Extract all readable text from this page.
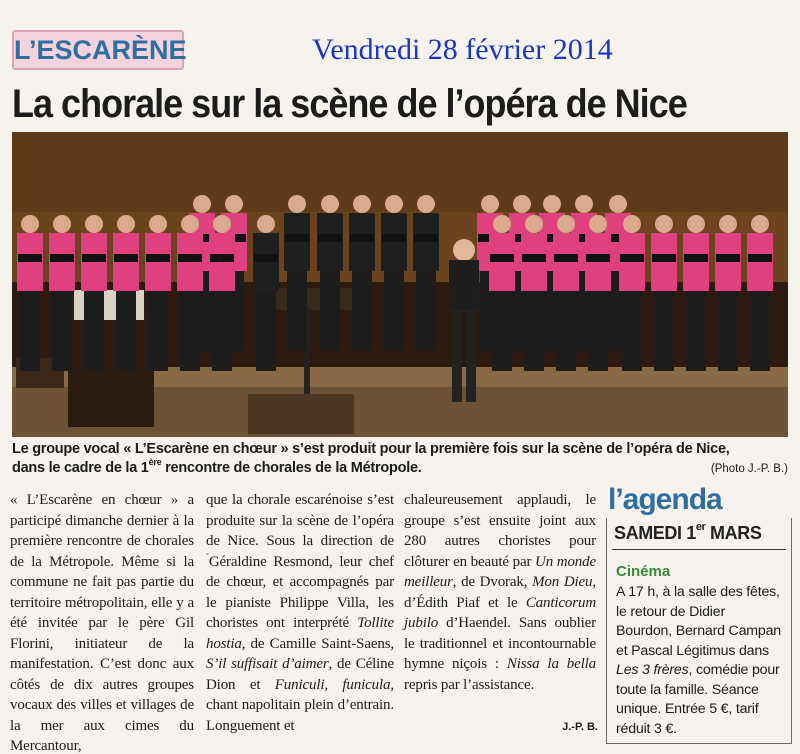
L’ESCARÈNE	Vendredi 28 février 2014
La chorale sur la scène de l’opéra de Nice
Le groupe vocal « L’Escarène en chœur » s’est produit pour la première fois sur la scène de l’opéra de Nice,
dans le cadre de la 1ère rencontre de chorales de la Métropole.	(Photo J.-P. B.)

« L’Escarène en chœur » a participé dimanche dernier à la première rencontre de chorales de la Métropole. Même si la commune ne fait pas partie du territoire métropolitain, elle y a été invitée par le père Gil Florini, initiateur de la manifestation. C’est donc aux côtés de dix autres groupes vocaux des villes et villages de la mer aux cimes du Mercantour,

que la chorale escarénoise s’est produite sur la scène de l’opéra de Nice. Sous la direction de ˚Géraldine Resmond, leur chef de chœur, et accompagnés par le pianiste Philippe Villa, les choristes ont interprété Tollite hostia, de Camille Saint-Saens, S’il suffisait d’aimer, de Céline Dion et Funiculi, funicula, chant napolitain plein d’entrain. Longuement et

chaleureusement applaudi, le groupe s’est ensuite joint aux 280 autres choristes pour clôturer en beauté par Un monde meilleur, de Dvorak, Mon Dieu, d’Édith Piaf et le Canticorum jubilo d’Haendel. Sans oublier le traditionnel et incontournable hymne niçois : Nissa la bella repris par l’assistance.

J.-P. B.
l’agenda
SAMEDI 1er MARS
Cinéma
A 17 h, à la salle des fêtes, le retour de Didier Bourdon, Bernard Campan et Pascal Légitimus dans Les 3 frères, comédie pour toute la famille. Séance unique. Entrée 5 €, tarif réduit 3 €.
